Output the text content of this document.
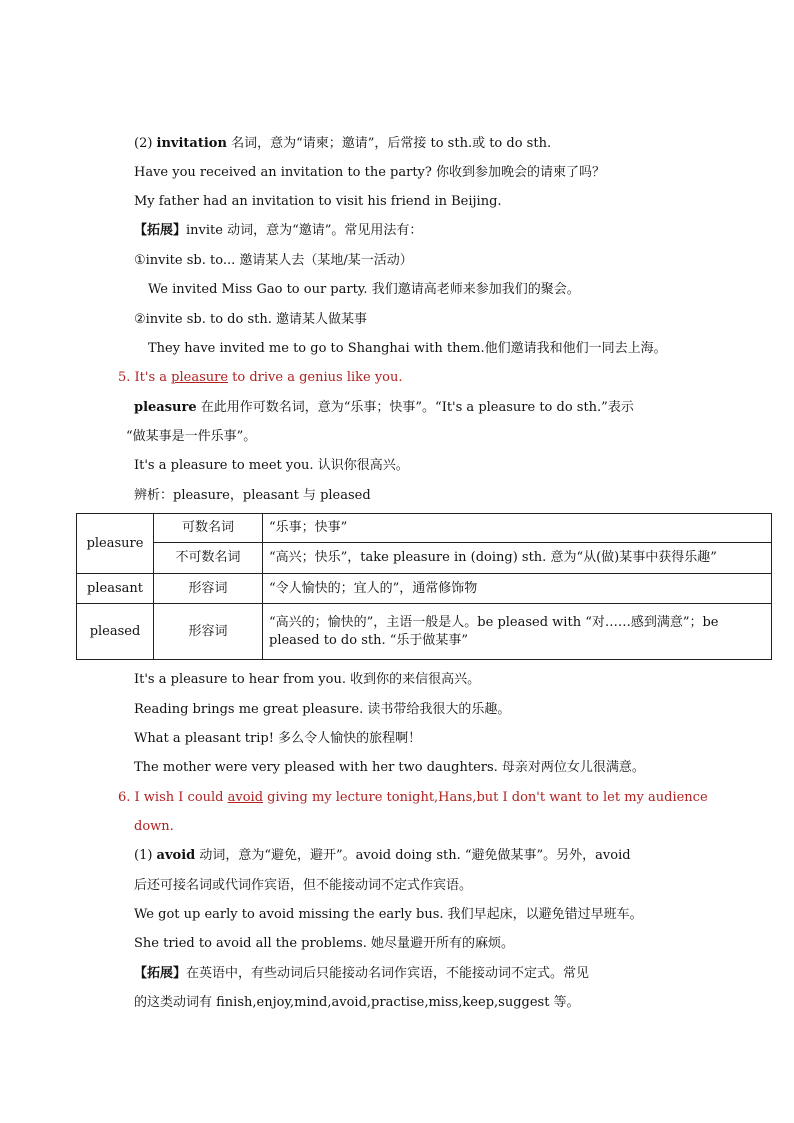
(2) invitation 名词，意为“请柬；邀请”，后常接 to sth.或 to do sth.
Have you received an invitation to the party? 你收到参加晚会的请柬了吗？
My father had an invitation to visit his friend in Beijing.
【拓展】invite 动词，意为“邀请”。常见用法有：
①invite sb. to... 邀请某人去（某地/某一活动）
We invited Miss Gao to our party. 我们邀请高老师来参加我们的聚会。
②invite sb. to do sth. 邀请某人做某事
They have invited me to go to Shanghai with them.他们邀请我和他们一同去上海。
5. It's a pleasure to drive a genius like you.
pleasure 在此用作可数名词，意为“乐事；快事”。“It's a pleasure to do sth.”表示
“做某事是一件乐事”。
It's a pleasure to meet you. 认识你很高兴。
辨析：pleasure，pleasant 与 pleased
pleasure	可数名词	“乐事；快事”
	不可数名词	“高兴；快乐”，take pleasure in (doing) sth. 意为“从(做)某事中获得乐趣”
pleasant	形容词	“令人愉快的；宜人的”，通常修饰物
pleased	形容词	“高兴的；愉快的”，主语一般是人。be pleased with “对……感到满意”；be pleased to do sth. “乐于做某事”
It's a pleasure to hear from you. 收到你的来信很高兴。
Reading brings me great pleasure. 读书带给我很大的乐趣。
What a pleasant trip! 多么令人愉快的旅程啊！
The mother were very pleased with her two daughters. 母亲对两位女儿很满意。
6. I wish I could avoid giving my lecture tonight,Hans,but I don't want to let my audience
down.
(1) avoid 动词，意为“避免，避开”。avoid doing sth. “避免做某事”。另外，avoid
后还可接名词或代词作宾语，但不能接动词不定式作宾语。
We got up early to avoid missing the early bus. 我们早起床，以避免错过早班车。
She tried to avoid all the problems. 她尽量避开所有的麻烦。
【拓展】在英语中，有些动词后只能接动名词作宾语，不能接动词不定式。常见
的这类动词有 finish,enjoy,mind,avoid,practise,miss,keep,suggest 等。
